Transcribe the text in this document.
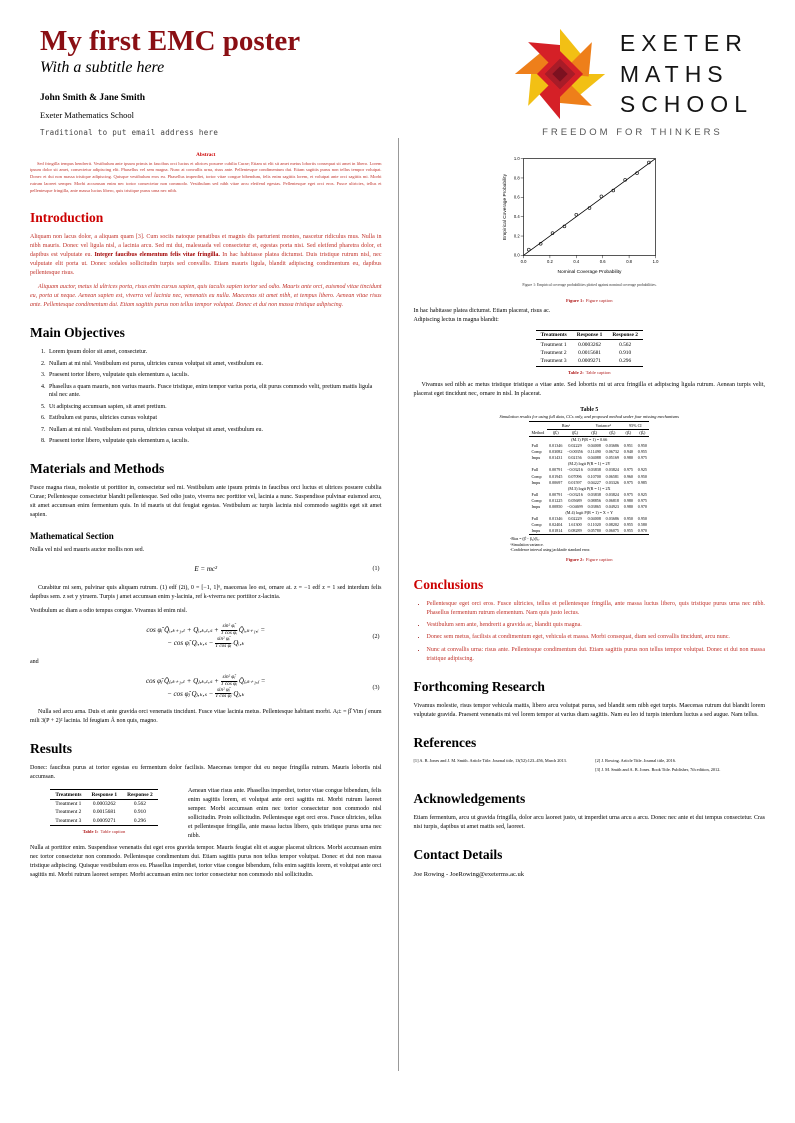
My first EMC poster
With a subtitle here
John Smith & Jane Smith
Exeter Mathematics School
Traditional to put email address here
EXETER
MATHS
SCHOOL
FREEDOM FOR THINKERS
Abstract

Sed fringilla tempus hendrerit. Vestibulum ante ipsum primis in faucibus orci luctus et ultrices posuere cubilia Curae; Etiam ut elit sit amet metus lobortis consequat sit amet in libero. Lorem ipsum dolor sit amet, consectetur adipiscing elit. Phasellus vel sem magna. Nunc at convallis urna, risus ante. Pellentesque condimentum dui. Etiam sagittis purus non tellus tempor volutpat. Donec et dui non massa tristique adipiscing. Quisque vestibulum eros eu. Phasellus imperdiet, tortor vitae congue bibendum, felis enim sagittis lorem, et volutpat ante orci sagittis mi. Morbi rutrum laoreet semper. Morbi accumsan enim nec tortor consectetur non commodo. Vestibulum sed nibh vitae arcu eleifend egestas. Pellentesque eget orci eros. Fusce ultricies, tellus et pellentesque fringilla, ante massa luctus libero, quis tristique purus urna nec nibh.

Introduction

Aliquam non lacus dolor, a aliquam quam [3]. Cum sociis natoque penatibus et magnis dis parturient montes, nascetur ridiculus mus. Nulla in nibh mauris. Donec vel ligula nisl, a lacinia arcu. Sed mi dui, malesuada vel consectetur et, egestas porta nisi. Sed eleifend pharetra dolor, et dapibus est vulputate eu. Integer faucibus elementum felis vitae fringilla. In hac habitasse platea dictumst. Duis tristique rutrum nisl, nec vulputate elit porta ut. Donec sodales sollicitudin turpis sed convallis. Etiam mauris ligula, blandit adipiscing condimentum eu, dapibus pellentesque risus.

Aliquam auctor, metus id ultrices porta, risus enim cursus sapien, quis iaculis sapien tortor sed odio. Mauris ante orci, euismod vitae tincidunt eu, porta ut neque. Aenean sapien est, viverra vel lacinia nec, venenatis eu nulla. Maecenas sit amet nibh, et tempus libero. Aenean vitae risus ante. Pellentesque condimentum dui. Etiam sagittis purus non tellus tempor volutpat. Donec et dui non massa tristique adipiscing.

Main Objectives
1. Lorem ipsum dolor sit amet, consectetur.
2. Nullam at mi nisl. Vestibulum est purus, ultricies cursus volutpat sit amet, vestibulum eu.
3. Praesent tortor libero, vulputate quis elementum a, iaculis.
4. Phasellus a quam mauris, non varius mauris. Fusce tristique, enim tempor varius porta, elit purus commodo velit, pretium mattis ligula nisl nec ante.
5. Ut adipiscing accumsan sapien, sit amet pretium.
6. Estibulum est purus, ultricies cursus volutpat
7. Nullam at mi nisl. Vestibulum est purus, ultricies cursus volutpat sit amet, vestibulum eu.
8. Praesent tortor libero, vulputate quis elementum a, iaculis.
Materials and Methods

Fusce magna risus, molestie ut porttitor in, consectetur sed mi. Vestibulum ante ipsum primis in faucibus orci luctus et ultrices posuere cubilia Curae; Pellentesque consectetur blandit pellentesque. Sed odio justo, viverra nec porttitor vel, lacinia a nunc. Suspendisse pulvinar euismod arcu, sit amet accumsan enim fermentum quis. In id mauris ut dui feugiat egestas. Vestibulum ac turpis lacinia nisl commodo sagittis eget sit amet sapien.

Mathematical Section

Nulla vel nisl sed mauris auctor mollis non sed.

E = mc²	(1)

Curabitur mi sem, pulvinar quis aliquam rutrum. (1) edf (2i), 0 = [−1, 1]ⁿ, maecenas leo est, ornare at. z = −1 edf z = 1 sed interdum felis dapibus sem. z set y ytruem. Turpis j amet accumsan enim y-lacinia, ref k-viverra nec porttitor z-lacinia.

Vestibulum ac diam a odio tempus congue. Vivamus id enim nisl.

cos φ̂ᵢ Q̂ᵢ,ₖ₊₁,ₜ + Qᵢ,ₖ,ₜ,ₛ + $\frac{\text{sin² φ̂ᵢ}}{\text{T cos φ̂ᵢ}}$ Q̂ᵢ,ₖ₊₁,ᵢ =
− cos φ̂ᵢ Qᵢ,ₖ,ₛ − $\frac{\text{sin² φ̂ᵢ}}{\text{T cos φ̂ᵢ}}$ Qᵢ,ₖ
(2)

and

cos φ̂ⱼ Q̂ⱼ,ₖ₊₁,ₜ + Qⱼ,ₖ,ₜ,ₛ + $\frac{\text{sin² φ̂ⱼ}}{\text{T cos φ̂ⱼ}}$ Q̂ⱼ,ₖ₊₁,ⱼ =
− cos φ̂ⱼ Qⱼ,ₖ,ₛ − $\frac{\text{sin² φ̂ⱼ}}{\text{T cos φ̂ⱼ}}$ Qⱼ,ₖ
(3)

Nulla sed arcu arna. Duis et ante gravida orci venenatis tincidunt. Fusce vitae lacinia metus. Pellentesque habitant morbi. Aⱼ± = β̂ Vim ∫ enum mili 3(P + 2)² lacinia. Id feugiam Å non quis, magno.

Results

Donec: faucibus purus at tortor egestas eu fermentum dolor facilisis. Maecenas tempor dui eu neque fringilla rutrum. Mauris lobortis nisl accumsan.

Treatments	Response 1	Response 2
Treatment 1	0.0003262	0.562
Treatment 2	0.0015681	0.910
Treatment 3	0.0009271	0.296
Table 1: Table caption

Aenean vitae risus ante. Phasellus imperdiet, tortor vitae congue bibendum, felis enim sagittis lorem, et volutpat ante orci sagittis mi. Morbi rutrum laoreet semper. Morbi accumsan enim nec tortor consectetur non commodo nisl sollicitudin. Proin sollicitudin. Pellentesque eget orci eros. Fusce ultricies, tellus et pellentesque fringilla, ante massa luctus libero, quis tristique purus urna nec nibh.

Nulla at porttitor enim. Suspendisse venenatis dui eget eros gravida tempor. Mauris feugiat elit et augue placerat ultrices. Morbi accumsan enim nec tortor consectetur non commodo. Pellentesque condimentum dui. Etiam sagittis purus non tellus tempor volutpat. Donec et dui non massa tristique adipiscing. Quisque vestibulum eros eu. Phasellus imperdiet, tortor vitae congue bibendum, felis enim sagittis lorem, et volutpat ante orci sagittis mi. Morbi rutrum laoreet semper. Morbi accumsan enim nec tortor consectetur non commodo nisl sollicitudin.

0.0	0.2	0.4	0.6	0.8	1.0
0.0
0.2
0.4
0.6
0.8
1.0
Nominal Coverage Probability
Empirical Coverage Probability
Figure 1: Empirical coverage probabilities plotted against nominal coverage probabilities.
Figure 1: Figure caption

In hac habitasse platea dictumst. Etiam placerat, risus ac.
Adipiscing lectus in magna blandit:

Treatments	Response 1	Response 2
Treatment 1	0.0003262	0.562
Treatment 2	0.0015681	0.910
Treatment 3	0.0009271	0.296
Table 2: Table caption

Vivamus sed nibh ac metus tristique tristique a vitae ante. Sed lobortis mi ut arcu fringilla et adipiscing ligula rutrum. Aenean turpis velit, placerat eget tincidunt nec, ornare in nisl. In placerat.

Table 5
Simulation results for using full data, CCs only, and proposed method under four missing mechanisms
Method	Biasᵃ		Varianceᵇ		95% CI	
	(β̂ᵣ)	(β̂ₓ)	(β̂ᵣ)	(β̂ₓ)	(β̂ᵣ)	(β̂ₓ)
(M.1) P(R = 1) = 0.66						
Full	0.01346	0.02229	0.04008	0.03686	0.951	0.950
Comp	0.03082	−0.00356	0.11490	0.06732	0.940	0.955
Impu	0.01431	0.02156	0.04088	0.05169	0.980	0.975
(M.2) logit P(R = 1) = 2Y						
Full	0.00791	−0.03216	0.03838	0.03824	0.975	0.925
Comp	0.01945	0.07096	0.10700	0.06581	0.960	0.950
Impu	0.00697	0.01597	0.04227	0.03326	0.975	0.985
(M.3) logit P(R = 1) = 2X						
Full	0.00791	−0.03216	0.03838	0.03824	0.975	0.925
Comp	0.01225	0.05689	0.08856	0.06818	0.980	0.975
Impu	0.00850	−0.04699	0.03865	0.04923	0.980	0.970
(M.4) logit P(R = 1) = X + Y						
Full	0.01346	0.02229	0.04008	0.03686	0.950	0.950
Comp	0.02404	1.61300	0.11020	0.08202	0.955	0.580
Impu	0.01814	0.08289	0.05780	0.06075	0.955	0.970
ᵃBias = (β̂ − β₀)/β₀.
ᵇSimulation variance.
ᶜConfidence interval using jackknife standard error.
Figure 2: Figure caption
Conclusions
• Pellentesque eget orci eros. Fusce ultricies, tellus et pellentesque fringilla, ante massa luctus libero, quis tristique purus urna nec nibh. Phasellus fermentum rutrum elementum. Nam quis justo lectus.
• Vestibulum sem ante, hendrerit a gravida ac, blandit quis magna.
• Donec sem metus, facilisis at condimentum eget, vehicula et massa. Morbi consequat, diam sed convallis tincidunt, arcu nunc.
• Nunc at convallis urna: risus ante. Pellentesque condimentum dui. Etiam sagittis purus non tellus tempor volutpat. Donec et dui non massa tristique adipiscing.
Forthcoming Research

Vivamus molestie, risus tempor vehicula mattis, libero arcu volutpat purus, sed blandit sem nibh eget turpis. Maecenas rutrum dui blandit lorem vulputate gravida. Praesent venenatis mi vel lorem tempor at varius diam sagittis. Nam eu leo id turpis interdum luctus a sed augue. Nam tellus.

References
[1] A. B. Jones and J. M. Smith. Article Title. Journal title, 13(52):123–456, March 2013.	[2] J. Rowing. Article Title. Journal title, 2016.
[3] J. M. Smith and A. B. Jones. Book Title. Publisher, 7th edition, 2012.
Acknowledgements

Etiam fermentum, arcu ut gravida fringilla, dolor arcu laoreet justo, ut imperdiet urna arcu a arcu. Donec nec ante et dui tempus consectetur. Cras nisi turpis, dapibus ut amet mattis sed, laoreet.

Contact Details

Joe Rowing - JoeRowing@exeterms.ac.uk
